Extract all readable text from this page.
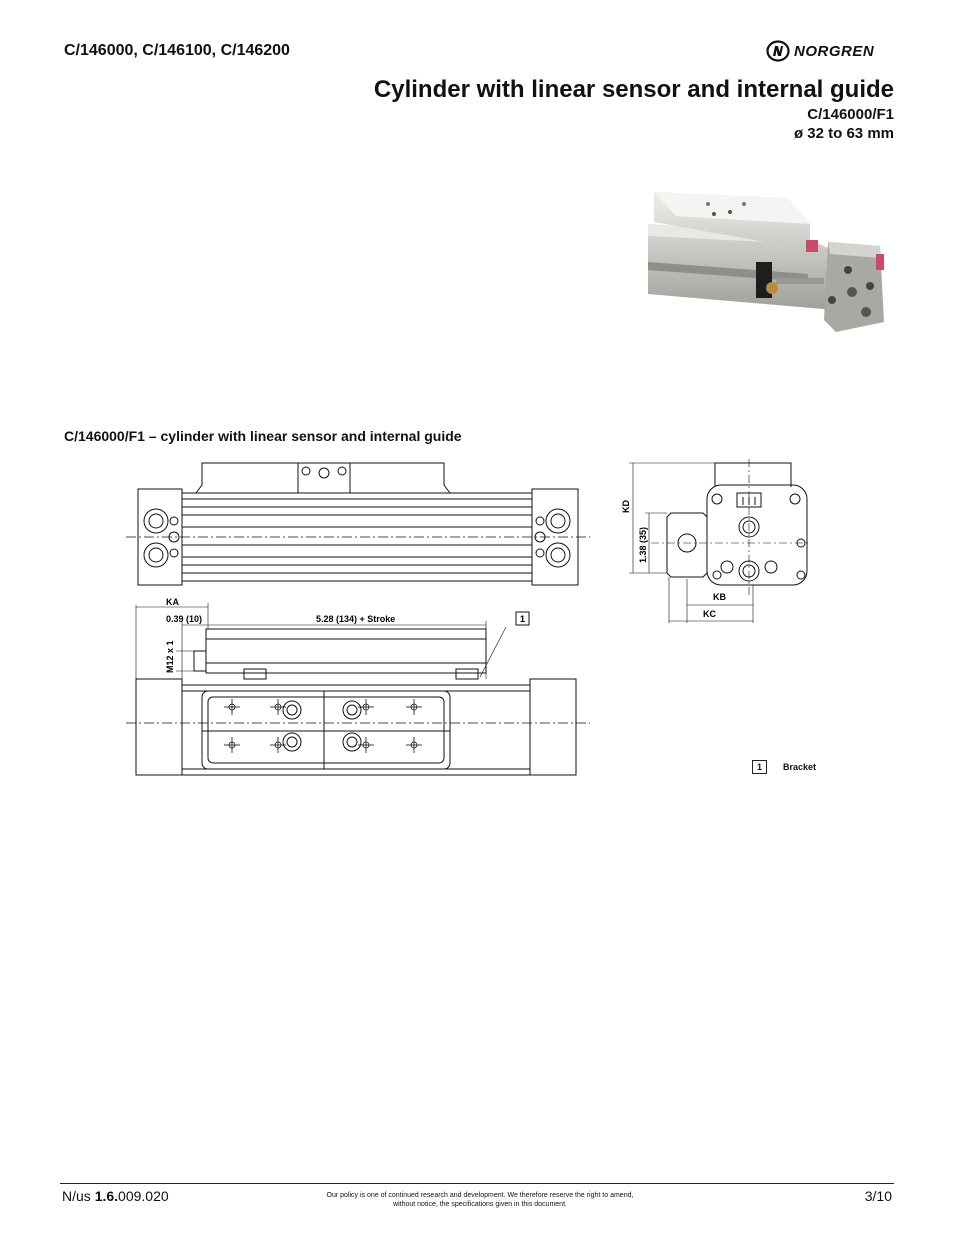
C/146000, C/146100, C/146200	NORGREN
Cylinder with linear sensor and internal guide
C/146000/F1
ø 32 to 63 mm
C/146000/F1 – cylinder with linear sensor and internal guide
KA
0.39 (10)	5.28 (134) + Stroke
M12 x 1
1
KD
1.38 (35)
KB
KC
1	Bracket
N/us 1.6.009.020	Our policy is one of continued research and development. We therefore reserve the right to amend,
without notice, the specifications given in this document.
3/10
